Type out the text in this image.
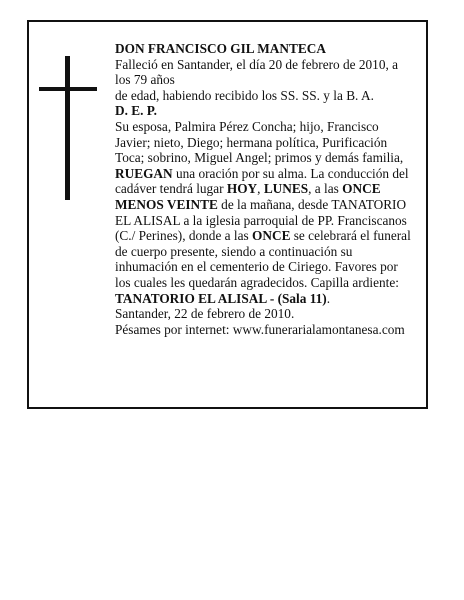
DON FRANCISCO GIL MANTECA
Falleció en Santander, el día 20 de febrero de 2010, a
los 79 años
de edad, habiendo recibido los SS. SS. y la B. A.
D. E. P.
Su esposa, Palmira Pérez Concha; hijo, Francisco
Javier; nieto, Diego; hermana política, Purificación
Toca; sobrino, Miguel Angel; primos y demás familia,
RUEGAN una oración por su alma. La conducción del
cadáver tendrá lugar HOY, LUNES, a las ONCE
MENOS VEINTE de la mañana, desde TANATORIO
EL ALISAL a la iglesia parroquial de PP. Franciscanos
(C./ Perines), donde a las ONCE se celebrará el funeral
de cuerpo presente, siendo a continuación su
inhumación en el cementerio de Ciriego. Favores por
los cuales les quedarán agradecidos. Capilla ardiente:
TANATORIO EL ALISAL - (Sala 11).
Santander, 22 de febrero de 2010.
Pésames por internet: www.funerarialamontanesa.com
